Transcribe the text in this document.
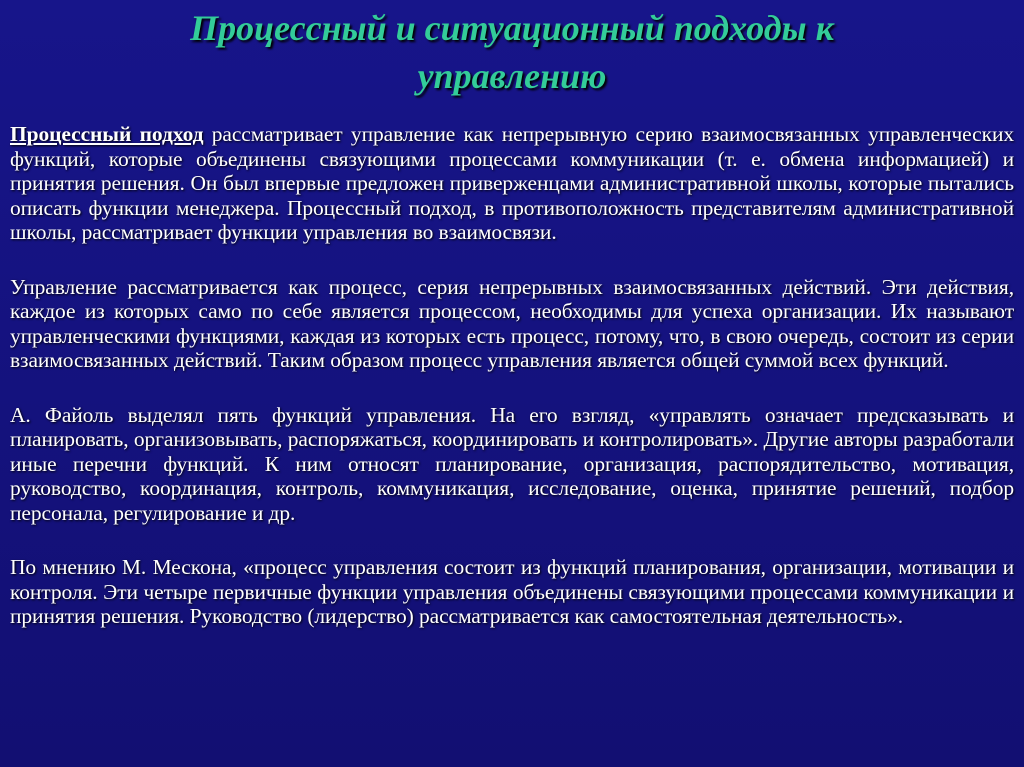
Процессный и ситуационный подходы к
управлению

Процессный подход рассматривает управление как непрерывную серию взаимосвязанных управленческих функций, которые объединены связующими процессами коммуникации (т. е. обмена информацией) и принятия решения. Он был впервые предложен приверженцами административной школы, которые пытались описать функции менеджера. Процессный подход, в противоположность представителям административной школы, рассматривает функции управления во взаимосвязи.

Управление рассматривается как процесс, серия непрерывных взаимосвязанных действий. Эти действия, каждое из которых само по себе является процессом, необходимы для успеха организации. Их называют управленческими функциями, каждая из которых есть процесс, потому, что, в свою очередь, состоит из серии взаимосвязанных действий. Таким образом процесс управления является общей суммой всех функций.

А. Файоль выделял пять функций управления. На его взгляд, «управлять означает предсказывать и планировать, организовывать, распоряжаться, координировать и контролировать». Другие авторы разработали иные перечни функций. К ним относят планирование, организация, распорядительство, мотивация, руководство, координация, контроль, коммуникация, исследование, оценка, принятие решений, подбор персонала, регулирование и др.

По мнению М. Мескона, «процесс управления состоит из функций планирования, организации, мотивации и контроля. Эти четыре первичные функции управления объединены связующими процессами коммуникации и принятия решения. Руководство (лидерство) рассматривается как самостоятельная деятельность».
